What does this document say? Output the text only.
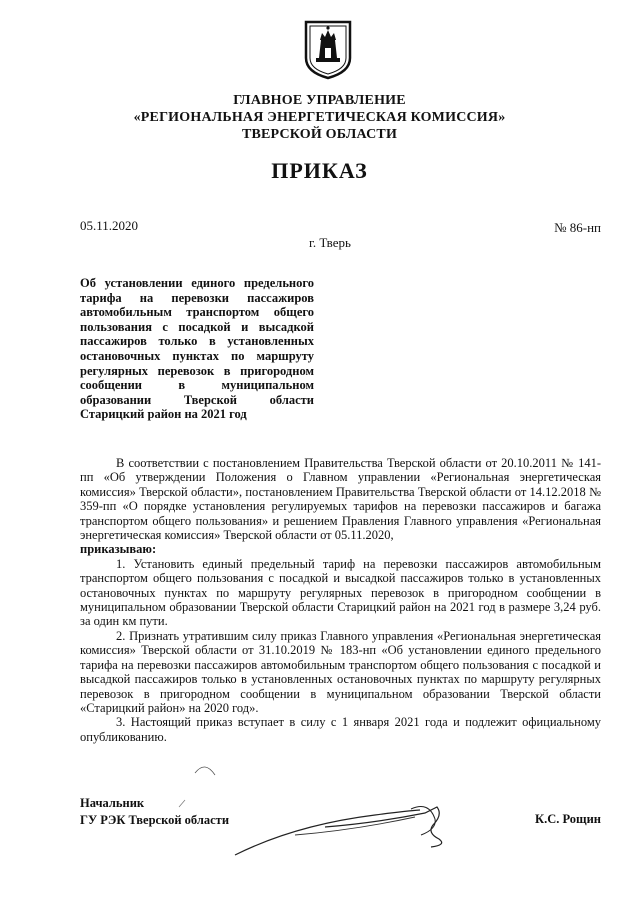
ГЛАВНОЕ УПРАВЛЕНИЕ
«РЕГИОНАЛЬНАЯ ЭНЕРГЕТИЧЕСКАЯ КОМИССИЯ»
ТВЕРСКОЙ ОБЛАСТИ
ПРИКАЗ
05.11.2020	№ 86-нп
г. Тверь
Об установлении единого предельного
тарифа на перевозки пассажиров
автомобильным транспортом общего
пользования с посадкой и высадкой
пассажиров только в установленных
остановочных пунктах по маршруту
регулярных перевозок в пригородном
сообщении в муниципальном
образовании Тверской области
Старицкий район на 2021 год

В соответствии с постановлением Правительства Тверской области от 20.10.2011 № 141-пп «Об утверждении Положения о Главном управлении «Региональная энергетическая комиссия» Тверской области», постановлением Правительства Тверской области от 14.12.2018 № 359-пп «О порядке установления регулируемых тарифов на перевозки пассажиров и багажа транспортом общего пользования» и решением Правления Главного управления «Региональная энергетическая комиссия» Тверской области от 05.11.2020,

приказываю:

1. Установить единый предельный тариф на перевозки пассажиров автомобильным транспортом общего пользования с посадкой и высадкой пассажиров только в установленных остановочных пунктах по маршруту регулярных перевозок в пригородном сообщении в муниципальном образовании Тверской области Старицкий район на 2021 год в размере 3,24 руб. за один км пути.

2. Признать утратившим силу приказ Главного управления «Региональная энергетическая комиссия» Тверской области от 31.10.2019 № 183-нп «Об установлении единого предельного тарифа на перевозки пассажиров автомобильным транспортом общего пользования с посадкой и высадкой пассажиров только в установленных остановочных пунктах по маршруту регулярных перевозок в пригородном сообщении в муниципальном образовании Тверской области «Старицкий район» на 2020 год».

3. Настоящий приказ вступает в силу с 1 января 2021 года и подлежит официальному опубликованию.

Начальник
ГУ РЭК Тверской области	К.С. Рощин
